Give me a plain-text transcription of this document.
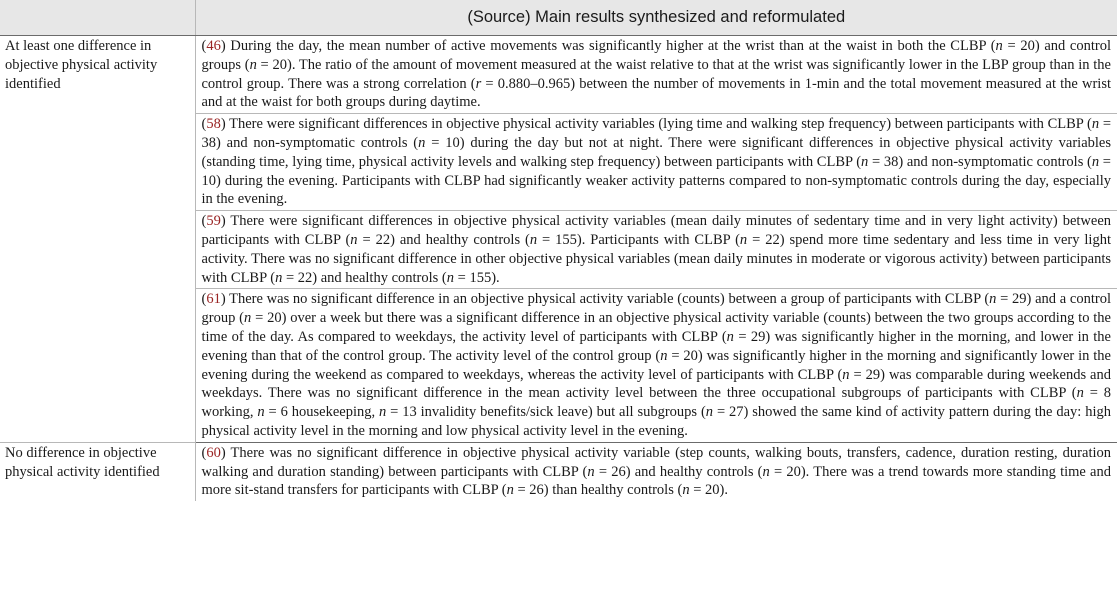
	(Source) Main results synthesized and reformulated
At least one difference in objective physical activity identified	(46) During the day, the mean number of active movements was significantly higher at the wrist than at the waist in both the CLBP (n = 20) and control groups (n = 20). The ratio of the amount of movement measured at the waist relative to that at the wrist was significantly lower in the LBP group than in the control group. There was a strong correlation (r = 0.880–0.965) between the number of movements in 1-min and the total movement measured at the wrist and at the waist for both groups during daytime.
	(58) There were significant differences in objective physical activity variables (lying time and walking step frequency) between participants with CLBP (n = 38) and non-symptomatic controls (n = 10) during the day but not at night. There were significant differences in objective physical activity variables (standing time, lying time, physical activity levels and walking step frequency) between participants with CLBP (n = 38) and non-symptomatic controls (n = 10) during the evening. Participants with CLBP had significantly weaker activity patterns compared to non-symptomatic controls during the day, especially in the evening.
	(59) There were significant differences in objective physical activity variables (mean daily minutes of sedentary time and in very light activity) between participants with CLBP (n = 22) and healthy controls (n = 155). Participants with CLBP (n = 22) spend more time sedentary and less time in very light activity. There was no significant difference in other objective physical variables (mean daily minutes in moderate or vigorous activity) between participants with CLBP (n = 22) and healthy controls (n = 155).
	(61) There was no significant difference in an objective physical activity variable (counts) between a group of participants with CLBP (n = 29) and a control group (n = 20) over a week but there was a significant difference in an objective physical activity variable (counts) between the two groups according to the time of the day. As compared to weekdays, the activity level of participants with CLBP (n = 29) was significantly higher in the morning, and lower in the evening than that of the control group. The activity level of the control group (n = 20) was significantly higher in the morning and significantly lower in the evening during the weekend as compared to weekdays, whereas the activity level of participants with CLBP (n = 29) was comparable during weekends and weekdays. There was no significant difference in the mean activity level between the three occupational subgroups of participants with CLBP (n = 8 working, n = 6 housekeeping, n = 13 invalidity benefits/sick leave) but all subgroups (n = 27) showed the same kind of activity pattern during the day: high physical activity level in the morning and low physical activity level in the evening.
No difference in objective physical activity identified	(60) There was no significant difference in objective physical activity variable (step counts, walking bouts, transfers, cadence, duration resting, duration walking and duration standing) between participants with CLBP (n = 26) and healthy controls (n = 20). There was a trend towards more standing time and more sit-stand transfers for participants with CLBP (n = 26) than healthy controls (n = 20).
